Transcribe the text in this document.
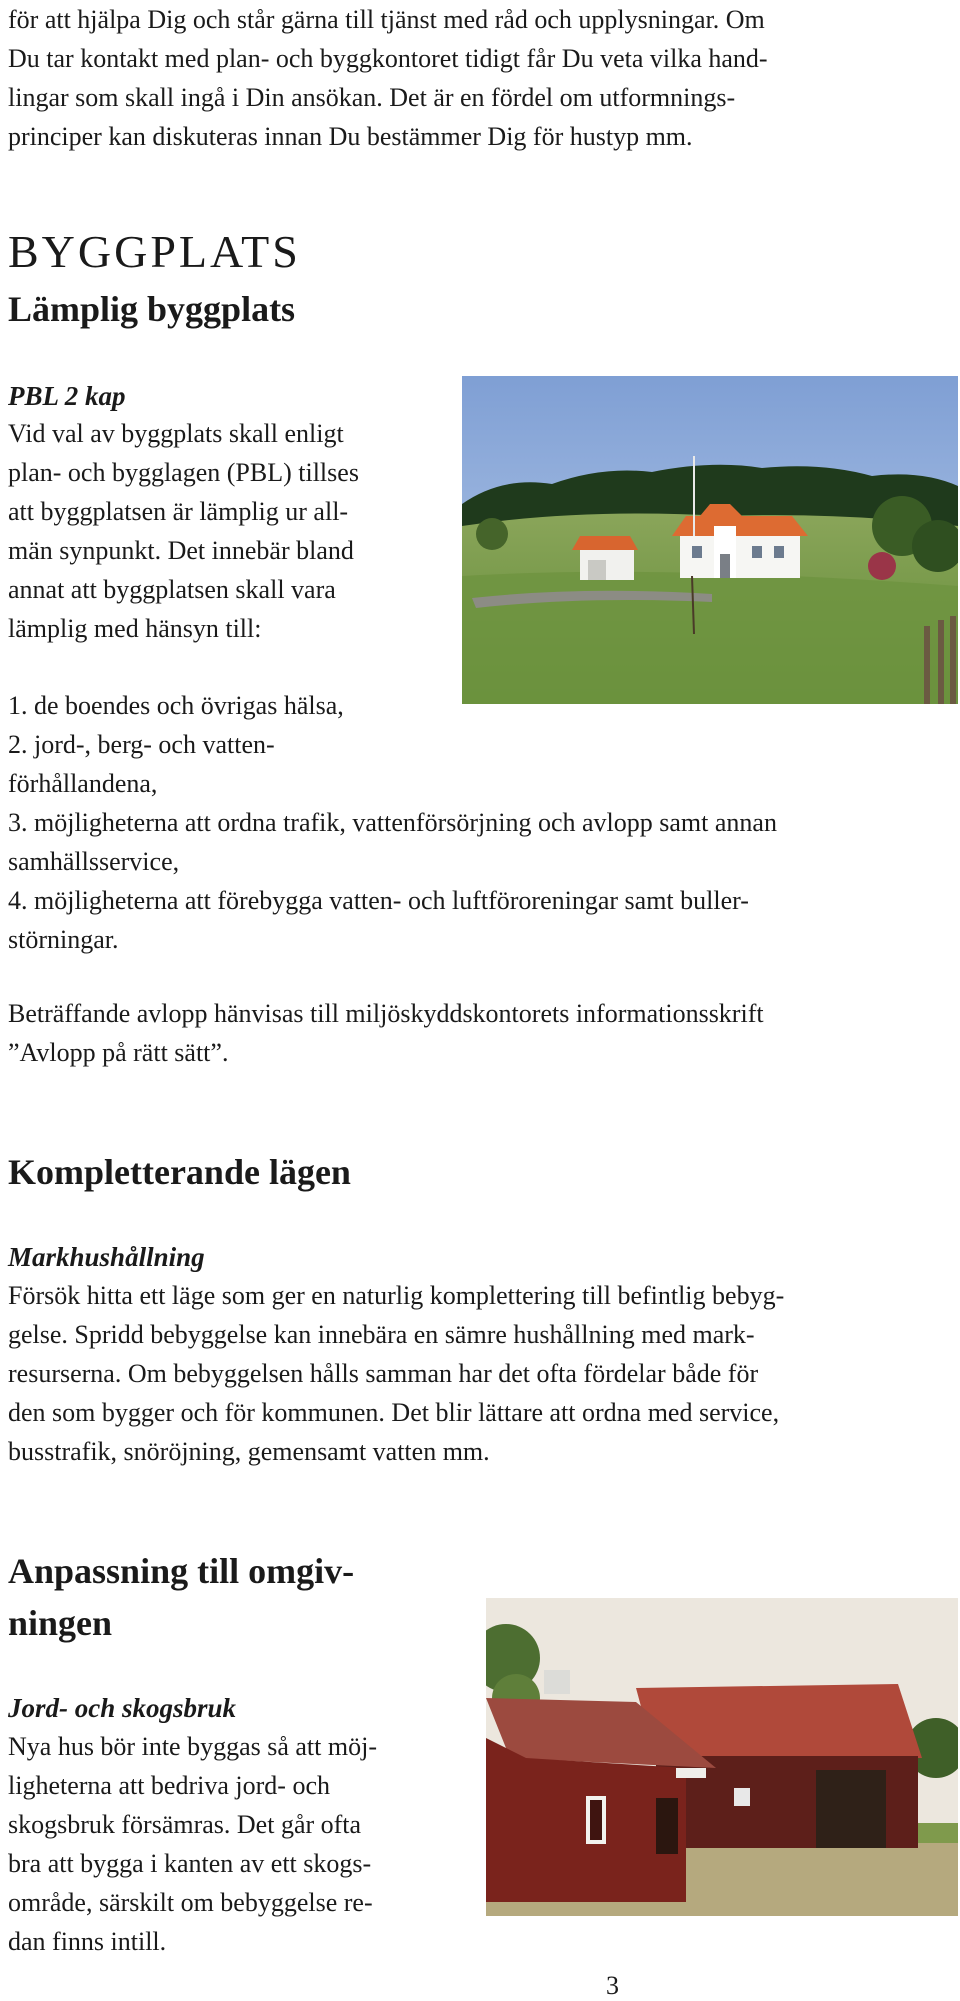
för att hjälpa Dig och står gärna till tjänst med råd och upplysningar. Om
Du tar kontakt med plan- och byggkontoret tidigt får Du veta vilka hand-
lingar som skall ingå i Din ansökan. Det är en fördel om utformnings-
principer kan diskuteras innan Du bestämmer Dig för hustyp mm.
BYGGPLATS
Lämplig byggplats
PBL 2 kap
Vid val av byggplats skall enligt
plan- och bygglagen (PBL) tillses
att byggplatsen är lämplig ur all-
män synpunkt. Det innebär bland
annat att byggplatsen skall vara
lämplig med hänsyn till:
1. de boendes och övrigas hälsa,
2. jord-, berg- och vatten-
förhållandena,
3. möjligheterna att ordna trafik, vattenförsörjning och avlopp samt annan
samhällsservice,
4. möjligheterna att förebygga vatten- och luftföroreningar samt buller-
störningar.
Beträffande avlopp hänvisas till miljöskyddskontorets informationsskrift
”Avlopp på rätt sätt”.
Kompletterande lägen
Markhushållning
Försök hitta ett läge som ger en naturlig komplettering till befintlig bebyg-
gelse. Spridd bebyggelse kan innebära en sämre hushållning med mark-
resurserna. Om bebyggelsen hålls samman har det ofta fördelar både för
den som bygger och för kommunen. Det blir lättare att ordna med service,
busstrafik, snöröjning, gemensamt vatten mm.
Anpassning till omgiv-
ningen
Jord- och skogsbruk
Nya hus bör inte byggas så att möj-
ligheterna att bedriva jord- och
skogsbruk försämras. Det går ofta
bra att bygga i kanten av ett skogs-
område, särskilt om bebyggelse re-
dan finns intill.
3
